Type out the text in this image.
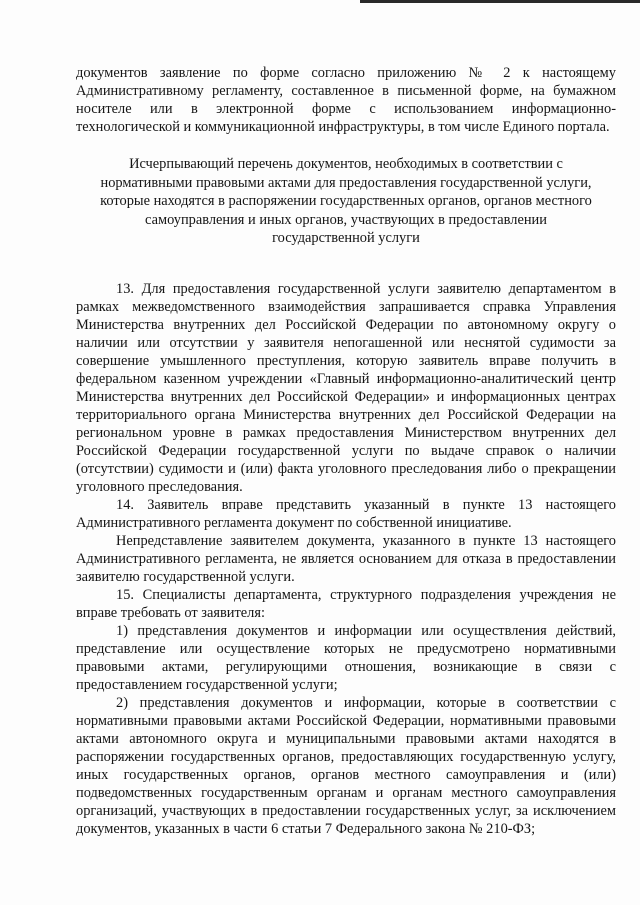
документов заявление по форме согласно приложению № 2 к настоящему Административному регламенту, составленное в письменной форме, на бумажном носителе или в электронной форме с использованием информационно-технологической и коммуникационной инфраструктуры, в том числе Единого портала.

Исчерпывающий перечень документов, необходимых в соответствии с нормативными правовыми актами для предоставления государственной услуги, которые находятся в распоряжении государственных органов, органов местного самоуправления и иных органов, участвующих в предоставлении государственной услуги

13. Для предоставления государственной услуги заявителю департаментом в рамках межведомственного взаимодействия запрашивается справка Управления Министерства внутренних дел Российской Федерации по автономному округу о наличии или отсутствии у заявителя непогашенной или неснятой судимости за совершение умышленного преступления, которую заявитель вправе получить в федеральном казенном учреждении «Главный информационно-аналитический центр Министерства внутренних дел Российской Федерации» и информационных центрах территориального органа Министерства внутренних дел Российской Федерации на региональном уровне в рамках предоставления Министерством внутренних дел Российской Федерации государственной услуги по выдаче справок о наличии (отсутствии) судимости и (или) факта уголовного преследования либо о прекращении уголовного преследования.

14. Заявитель вправе представить указанный в пункте 13 настоящего Административного регламента документ по собственной инициативе.

Непредставление заявителем документа, указанного в пункте 13 настоящего Административного регламента, не является основанием для отказа в предоставлении заявителю государственной услуги.

15. Специалисты департамента, структурного подразделения учреждения не вправе требовать от заявителя:

1) представления документов и информации или осуществления действий, представление или осуществление которых не предусмотрено нормативными правовыми актами, регулирующими отношения, возникающие в связи с предоставлением государственной услуги;

2) представления документов и информации, которые в соответствии с нормативными правовыми актами Российской Федерации, нормативными правовыми актами автономного округа и муниципальными правовыми актами находятся в распоряжении государственных органов, предоставляющих государственную услугу, иных государственных органов, органов местного самоуправления и (или) подведомственных государственным органам и органам местного самоуправления организаций, участвующих в предоставлении государственных услуг, за исключением документов, указанных в части 6 статьи 7 Федерального закона № 210-ФЗ;
